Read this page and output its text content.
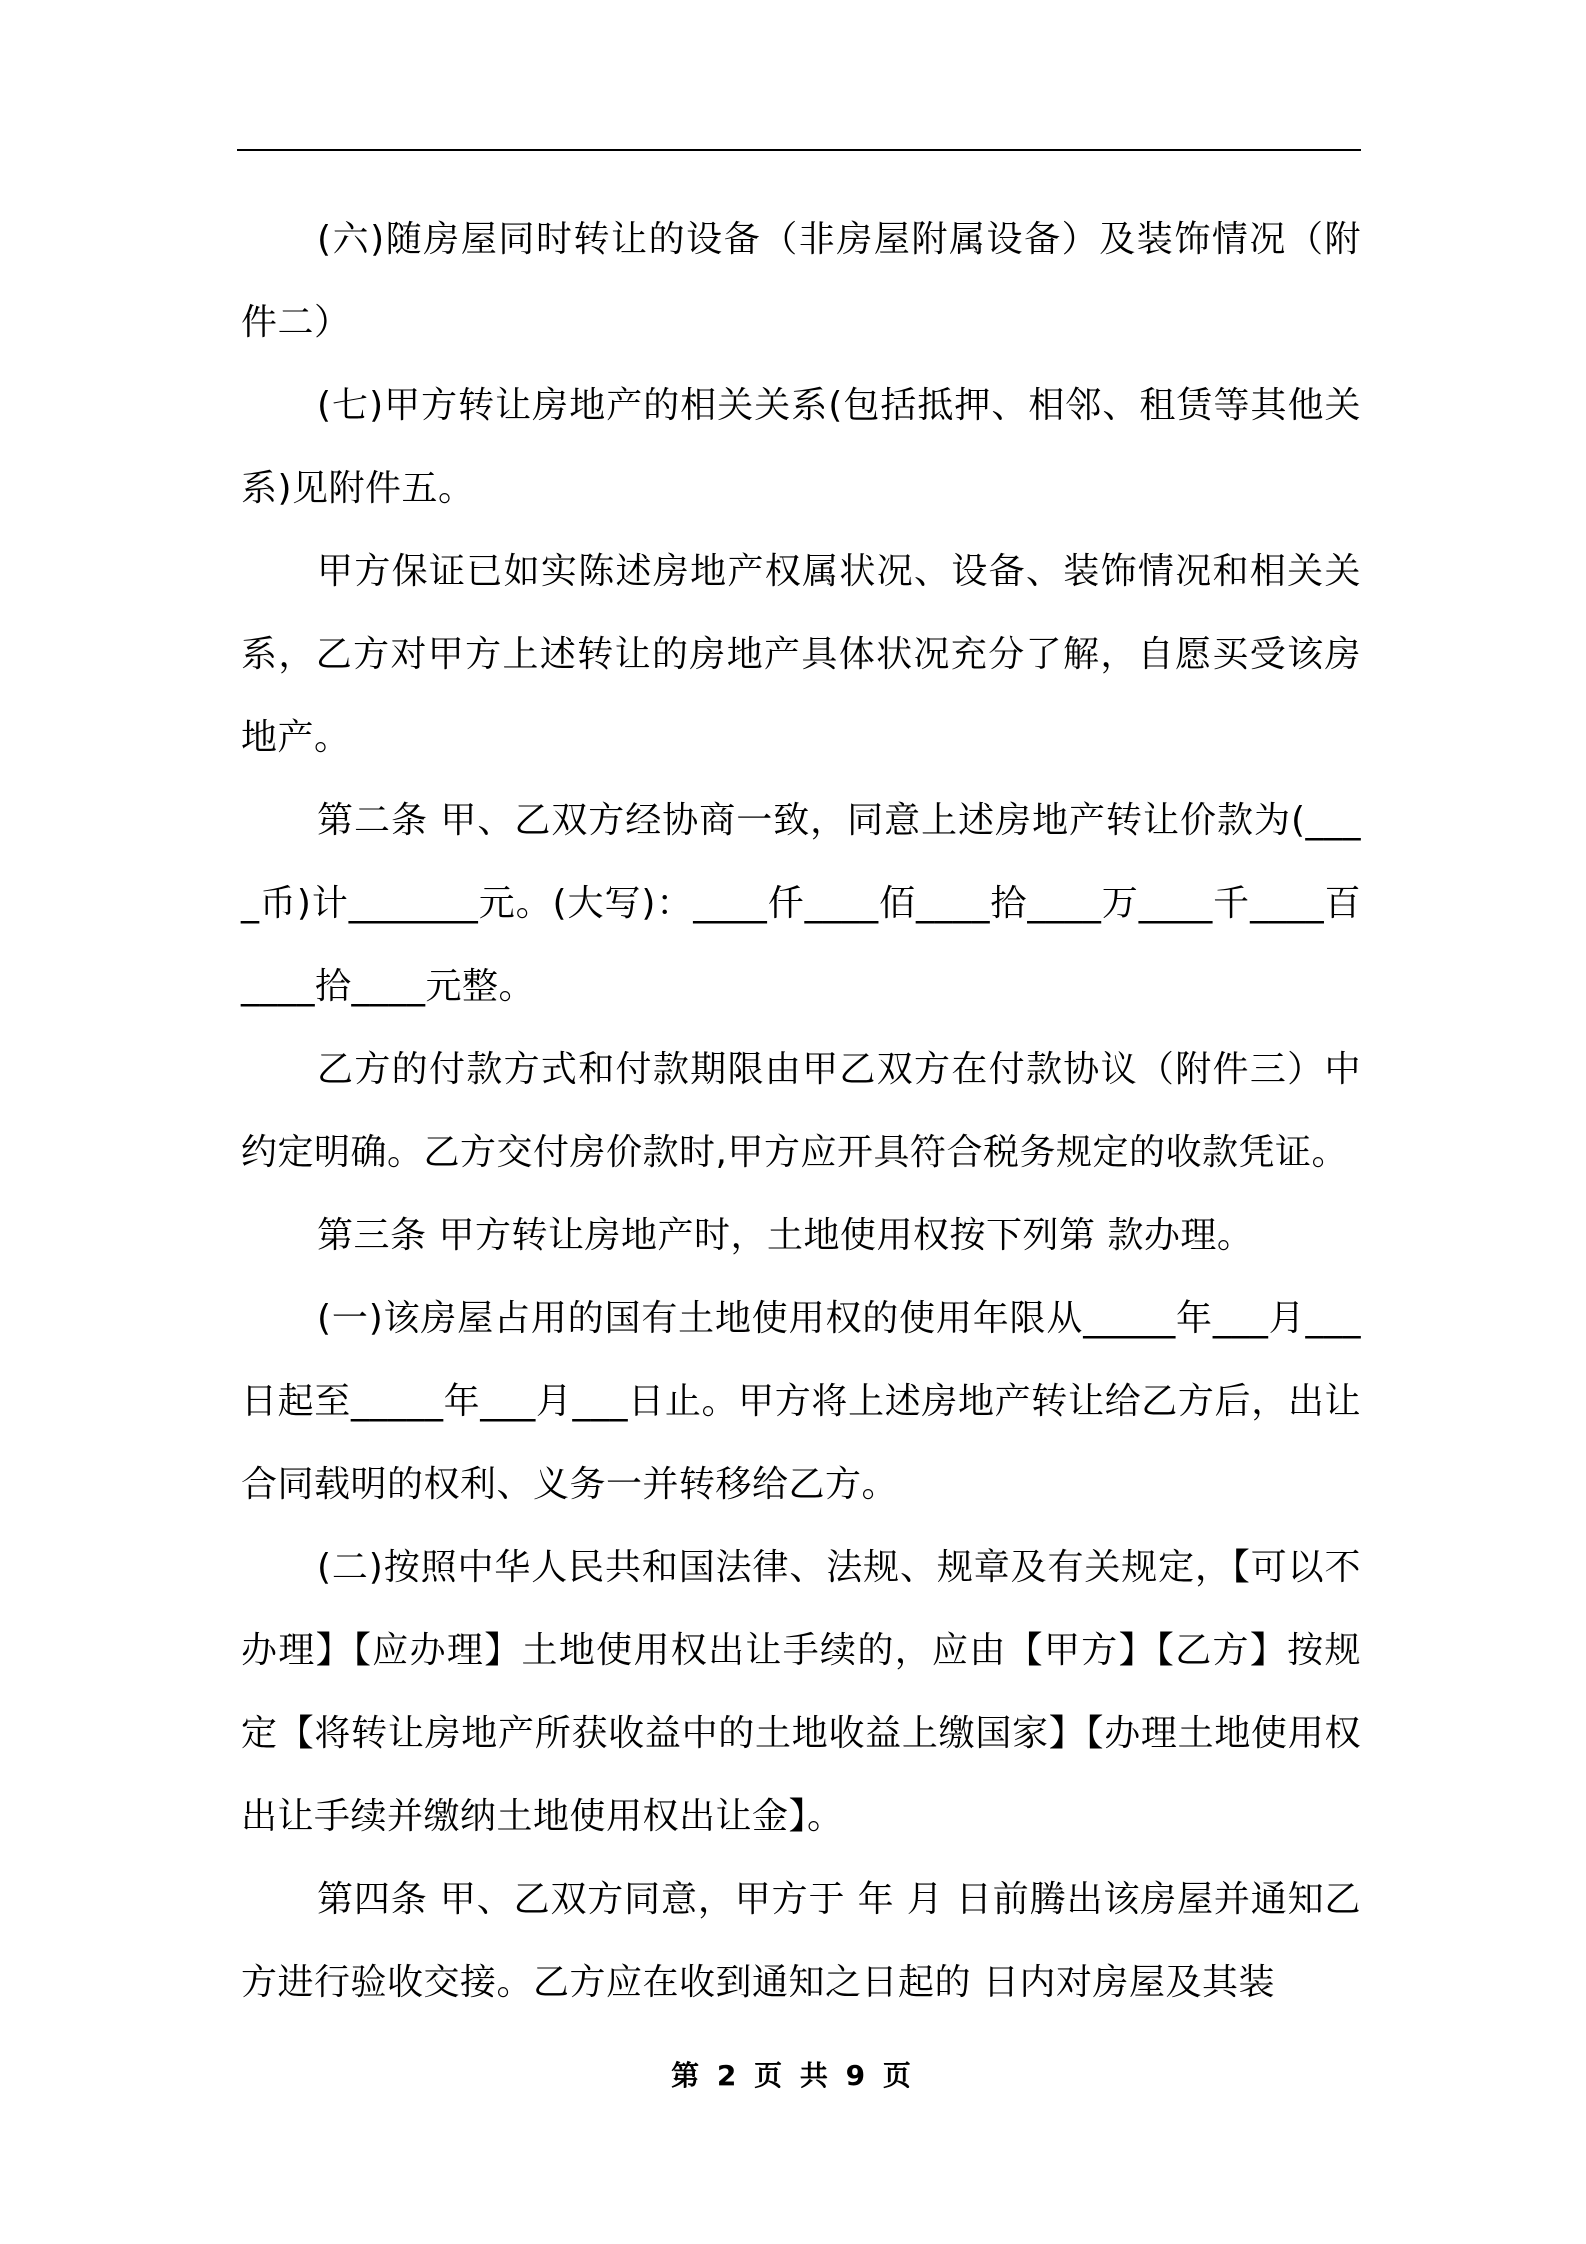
(六)随房屋同时转让的设备（非房屋附属设备）及装饰情况（附件二）

(七)甲方转让房地产的相关关系(包括抵押、相邻、租赁等其他关系)见附件五。

甲方保证已如实陈述房地产权属状况、设备、装饰情况和相关关系，乙方对甲方上述转让的房地产具体状况充分了解，自愿买受该房地产。

第二条 甲、乙双方经协商一致，同意上述房地产转让价款为(____币)计_______元。(大写)：____仟____佰____拾____万____千____百____拾____元整。

乙方的付款方式和付款期限由甲乙双方在付款协议（附件三）中约定明确。乙方交付房价款时,甲方应开具符合税务规定的收款凭证。

第三条 甲方转让房地产时，土地使用权按下列第 款办理。

(一)该房屋占用的国有土地使用权的使用年限从_____年___月___日起至_____年___月___日止。甲方将上述房地产转让给乙方后，出让合同载明的权利、义务一并转移给乙方。

(二)按照中华人民共和国法律、法规、规章及有关规定，【可以不办理】【应办理】土地使用权出让手续的，应由【甲方】【乙方】按规定【将转让房地产所获收益中的土地收益上缴国家】【办理土地使用权出让手续并缴纳土地使用权出让金】。

第四条 甲、乙双方同意，甲方于 年 月 日前腾出该房屋并通知乙方进行验收交接。乙方应在收到通知之日起的 日内对房屋及其装

第 2 页 共 9 页
